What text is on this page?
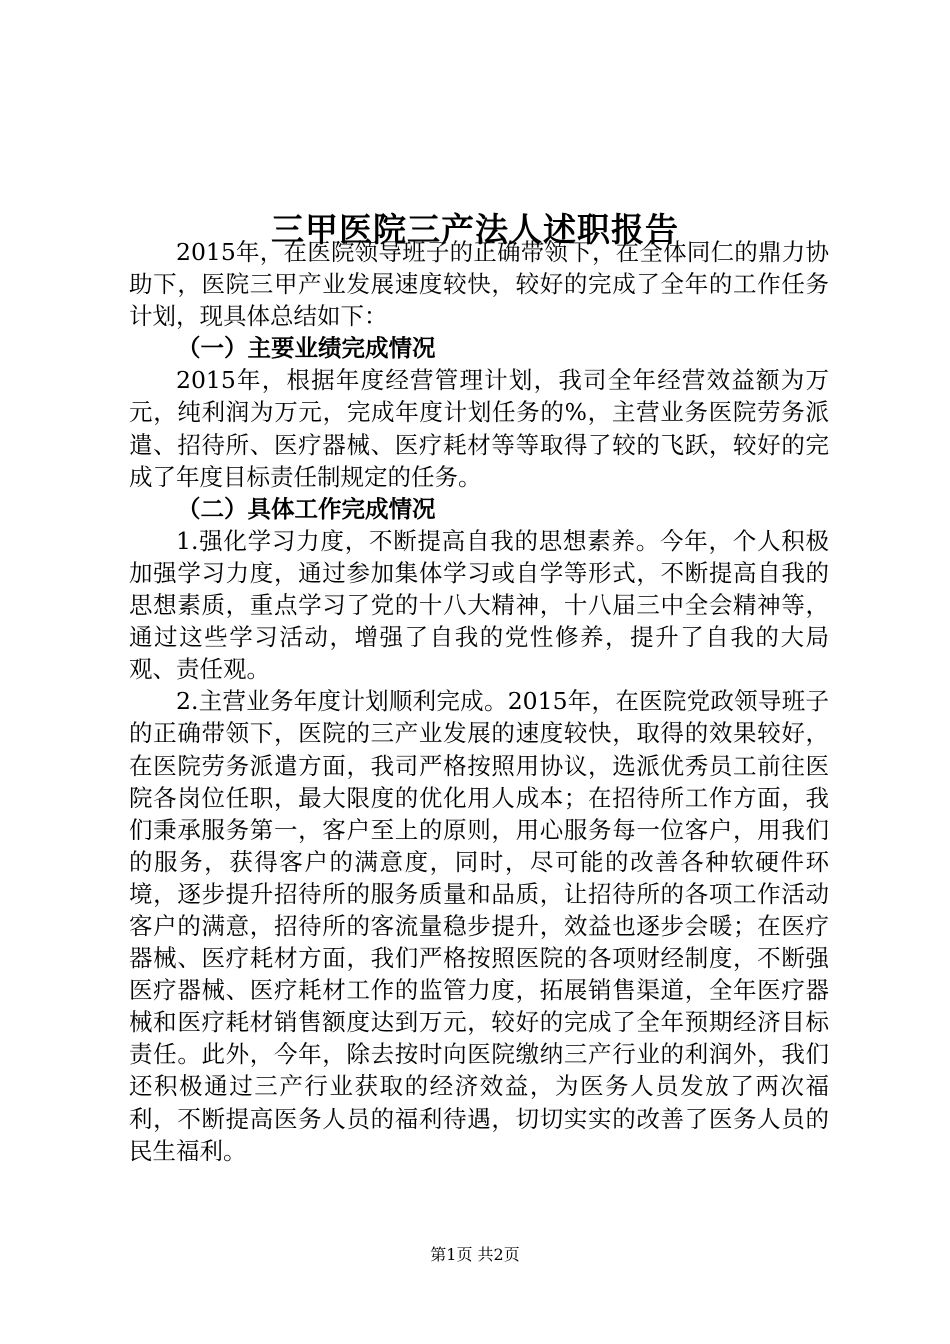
三甲医院三产法人述职报告

2015年，在医院领导班子的正确带领下，在全体同仁的鼎力协助下，医院三甲产业发展速度较快，较好的完成了全年的工作任务计划，现具体总结如下：

（一）主要业绩完成情况

2015年，根据年度经营管理计划，我司全年经营效益额为万元，纯利润为万元，完成年度计划任务的%，主营业务医院劳务派遣、招待所、医疗器械、医疗耗材等等取得了较的飞跃，较好的完成了年度目标责任制规定的任务。

（二）具体工作完成情况

1.强化学习力度，不断提高自我的思想素养。今年，个人积极加强学习力度，通过参加集体学习或自学等形式，不断提高自我的思想素质，重点学习了党的十八大精神，十八届三中全会精神等，通过这些学习活动，增强了自我的党性修养，提升了自我的大局观、责任观。

2.主营业务年度计划顺利完成。2015年，在医院党政领导班子的正确带领下，医院的三产业发展的速度较快，取得的效果较好，在医院劳务派遣方面，我司严格按照用协议，选派优秀员工前往医院各岗位任职，最大限度的优化用人成本；在招待所工作方面，我们秉承服务第一，客户至上的原则，用心服务每一位客户，用我们的服务，获得客户的满意度，同时，尽可能的改善各种软硬件环境，逐步提升招待所的服务质量和品质，让招待所的各项工作活动客户的满意，招待所的客流量稳步提升，效益也逐步会暖；在医疗器械、医疗耗材方面，我们严格按照医院的各项财经制度，不断强医疗器械、医疗耗材工作的监管力度，拓展销售渠道，全年医疗器械和医疗耗材销售额度达到万元，较好的完成了全年预期经济目标责任。此外，今年，除去按时向医院缴纳三产行业的利润外，我们还积极通过三产行业获取的经济效益，为医务人员发放了两次福利，不断提高医务人员的福利待遇，切切实实的改善了医务人员的民生福利。

第1页 共2页
